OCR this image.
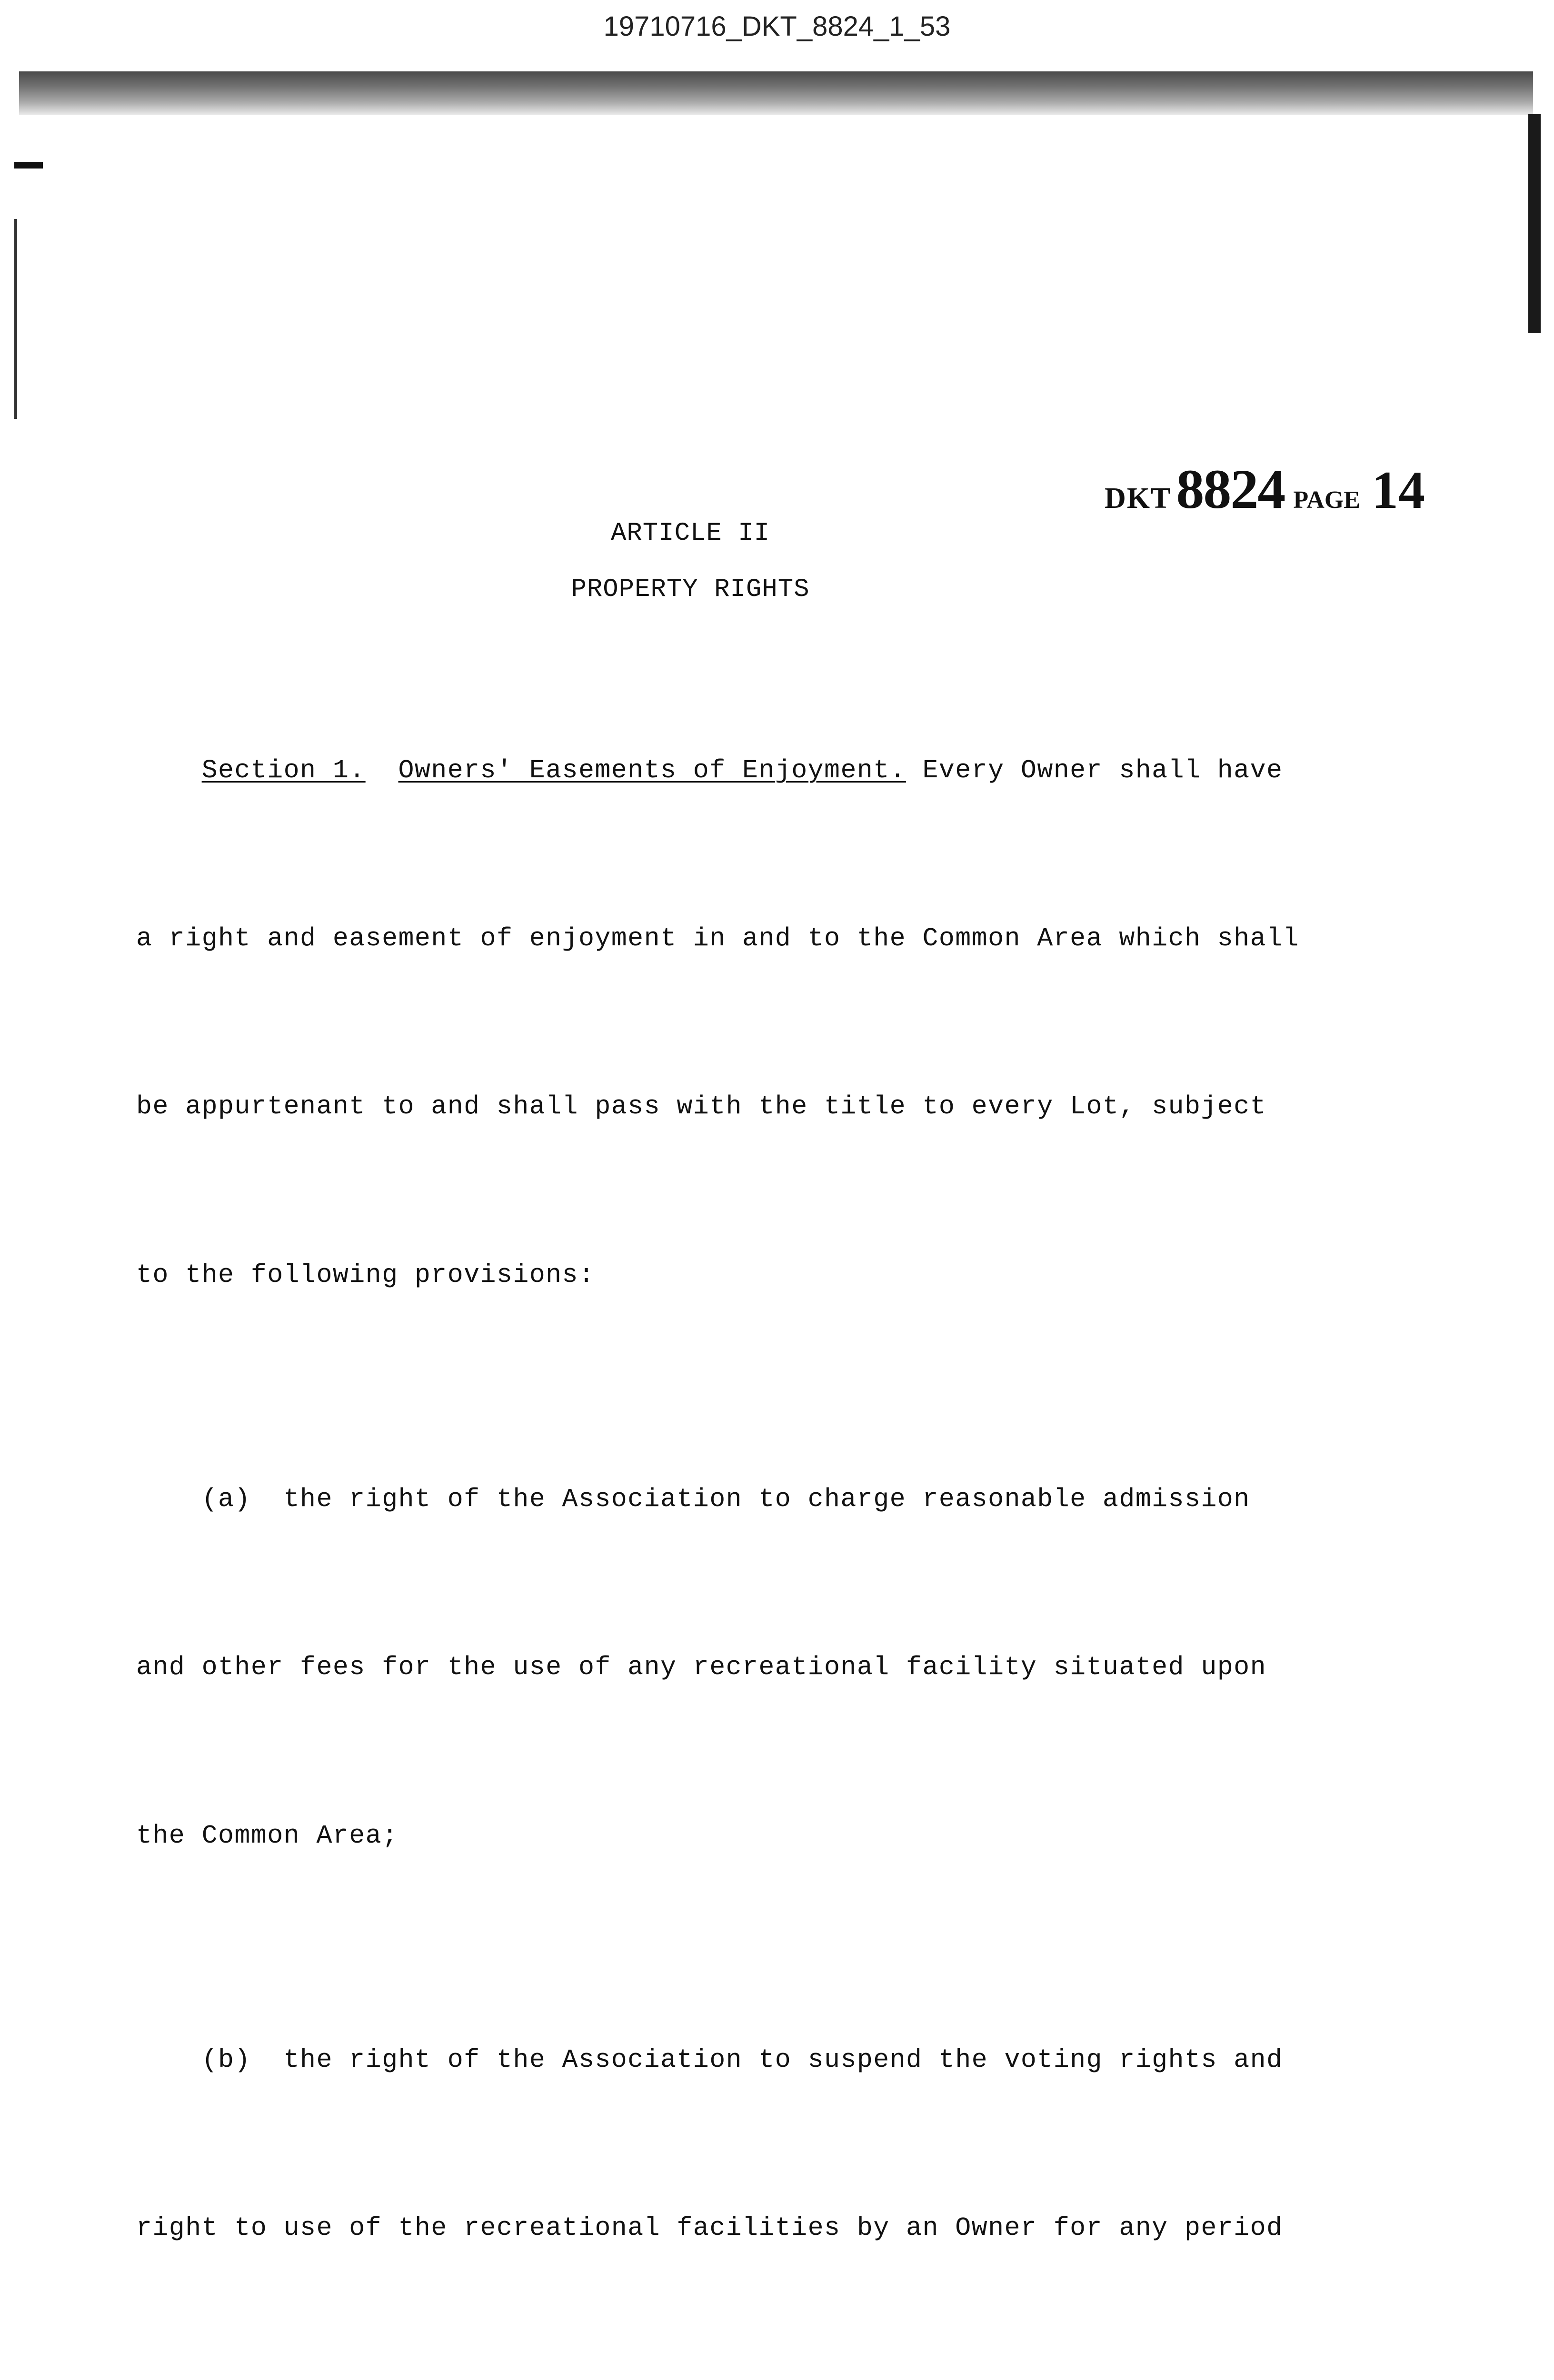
19710716_DKT_8824_1_53
DKT 8824 PAGE 14
ARTICLE II
PROPERTY RIGHTS

Section 1. Owners' Easements of Enjoyment. Every Owner shall have

a right and easement of enjoyment in and to the Common Area which shall

be appurtenant to and shall pass with the title to every Lot, subject

to the following provisions:

(a)  the right of the Association to charge reasonable admission

and other fees for the use of any recreational facility situated upon

the Common Area;

(b)  the right of the Association to suspend the voting rights and

right to use of the recreational facilities by an Owner for any period
